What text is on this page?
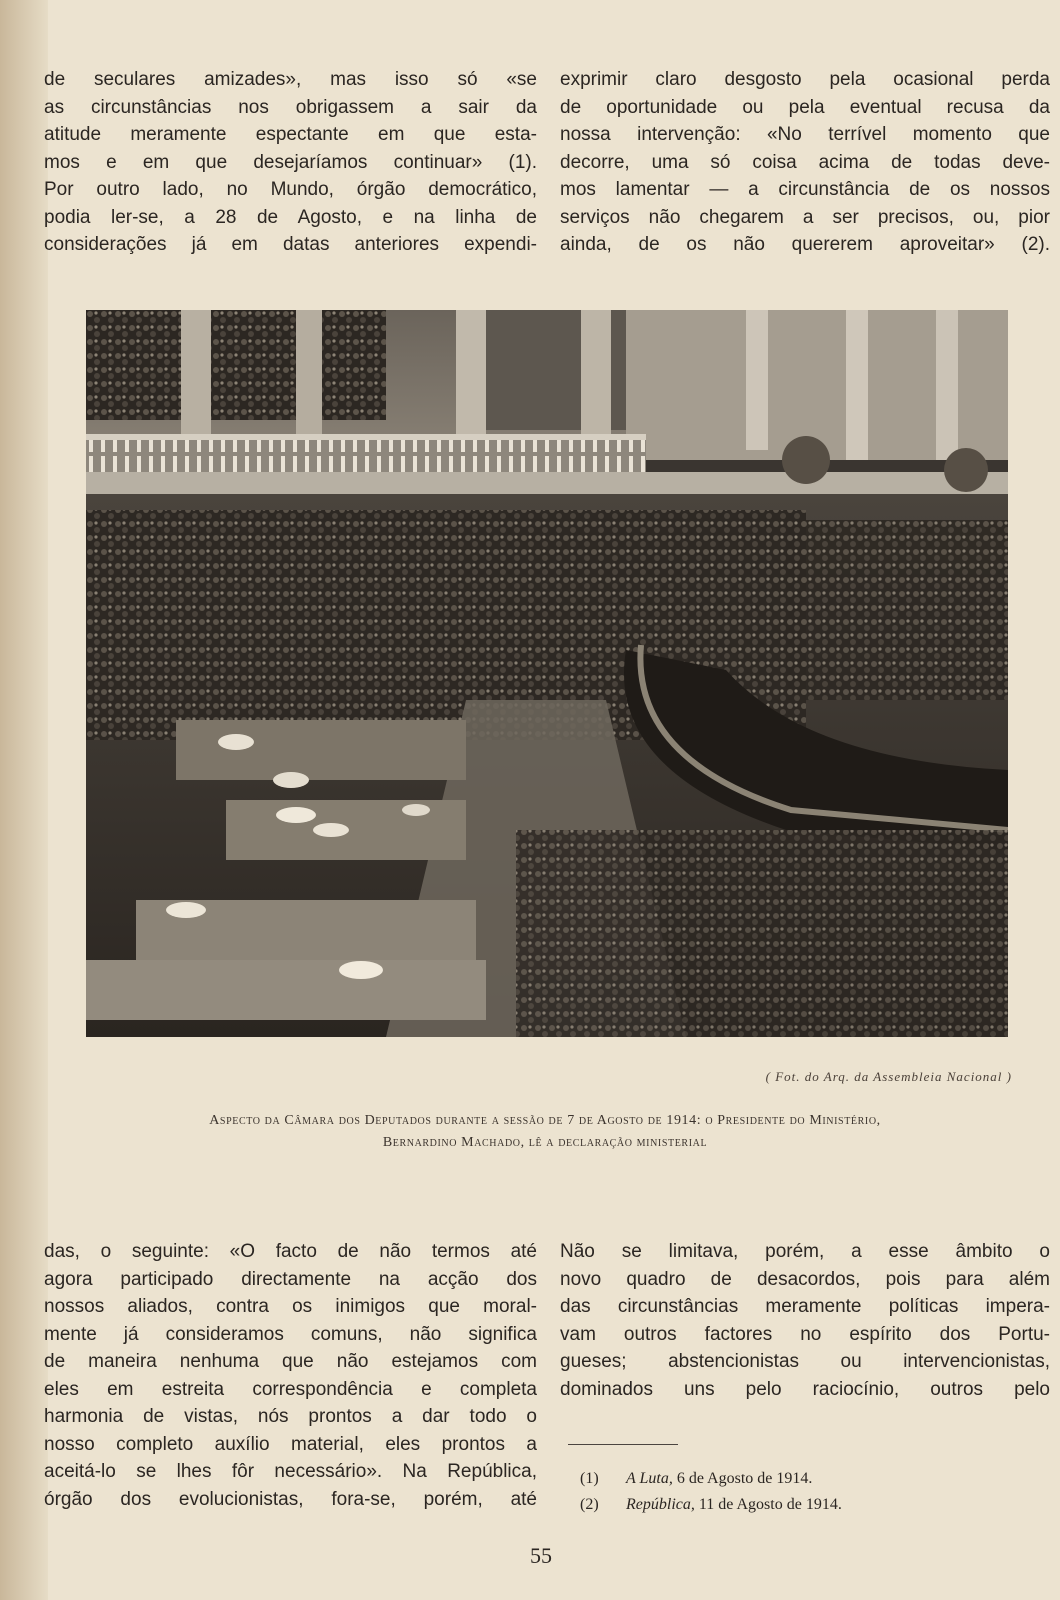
de seculares amizades», mas isso só «se
as circunstâncias nos obrigassem a sair da
atitude meramente espectante em que esta-
mos e em que desejaríamos continuar» (1).
Por outro lado, no Mundo, órgão democrático,
podia ler-se, a 28 de Agosto, e na linha de
considerações já em datas anteriores expendi-
exprimir claro desgosto pela ocasional perda
de oportunidade ou pela eventual recusa da
nossa intervenção: «No terrível momento que
decorre, uma só coisa acima de todas deve-
mos lamentar — a circunstância de os nossos
serviços não chegarem a ser precisos, ou, pior
ainda, de os não quererem aproveitar» (2).
( Fot. do Arq. da Assembleia Nacional )
Aspecto da Câmara dos Deputados durante a sessão de 7 de Agosto de 1914: o Presidente do Ministério,
Bernardino Machado, lê a declaração ministerial
das, o seguinte: «O facto de não termos até
agora participado directamente na acção dos
nossos aliados, contra os inimigos que moral-
mente já consideramos comuns, não significa
de maneira nenhuma que não estejamos com
eles em estreita correspondência e completa
harmonia de vistas, nós prontos a dar todo o
nosso completo auxílio material, eles prontos a
aceitá-lo se lhes fôr necessário». Na República,
órgão dos evolucionistas, fora-se, porém, até
Não se limitava, porém, a esse âmbito o
novo quadro de desacordos, pois para além
das circunstâncias meramente políticas impera-
vam outros factores no espírito dos Portu-
gueses; abstencionistas ou intervencionistas,
dominados uns pelo raciocínio, outros pelo
(1) A Luta, 6 de Agosto de 1914.
(2) República, 11 de Agosto de 1914.
55
